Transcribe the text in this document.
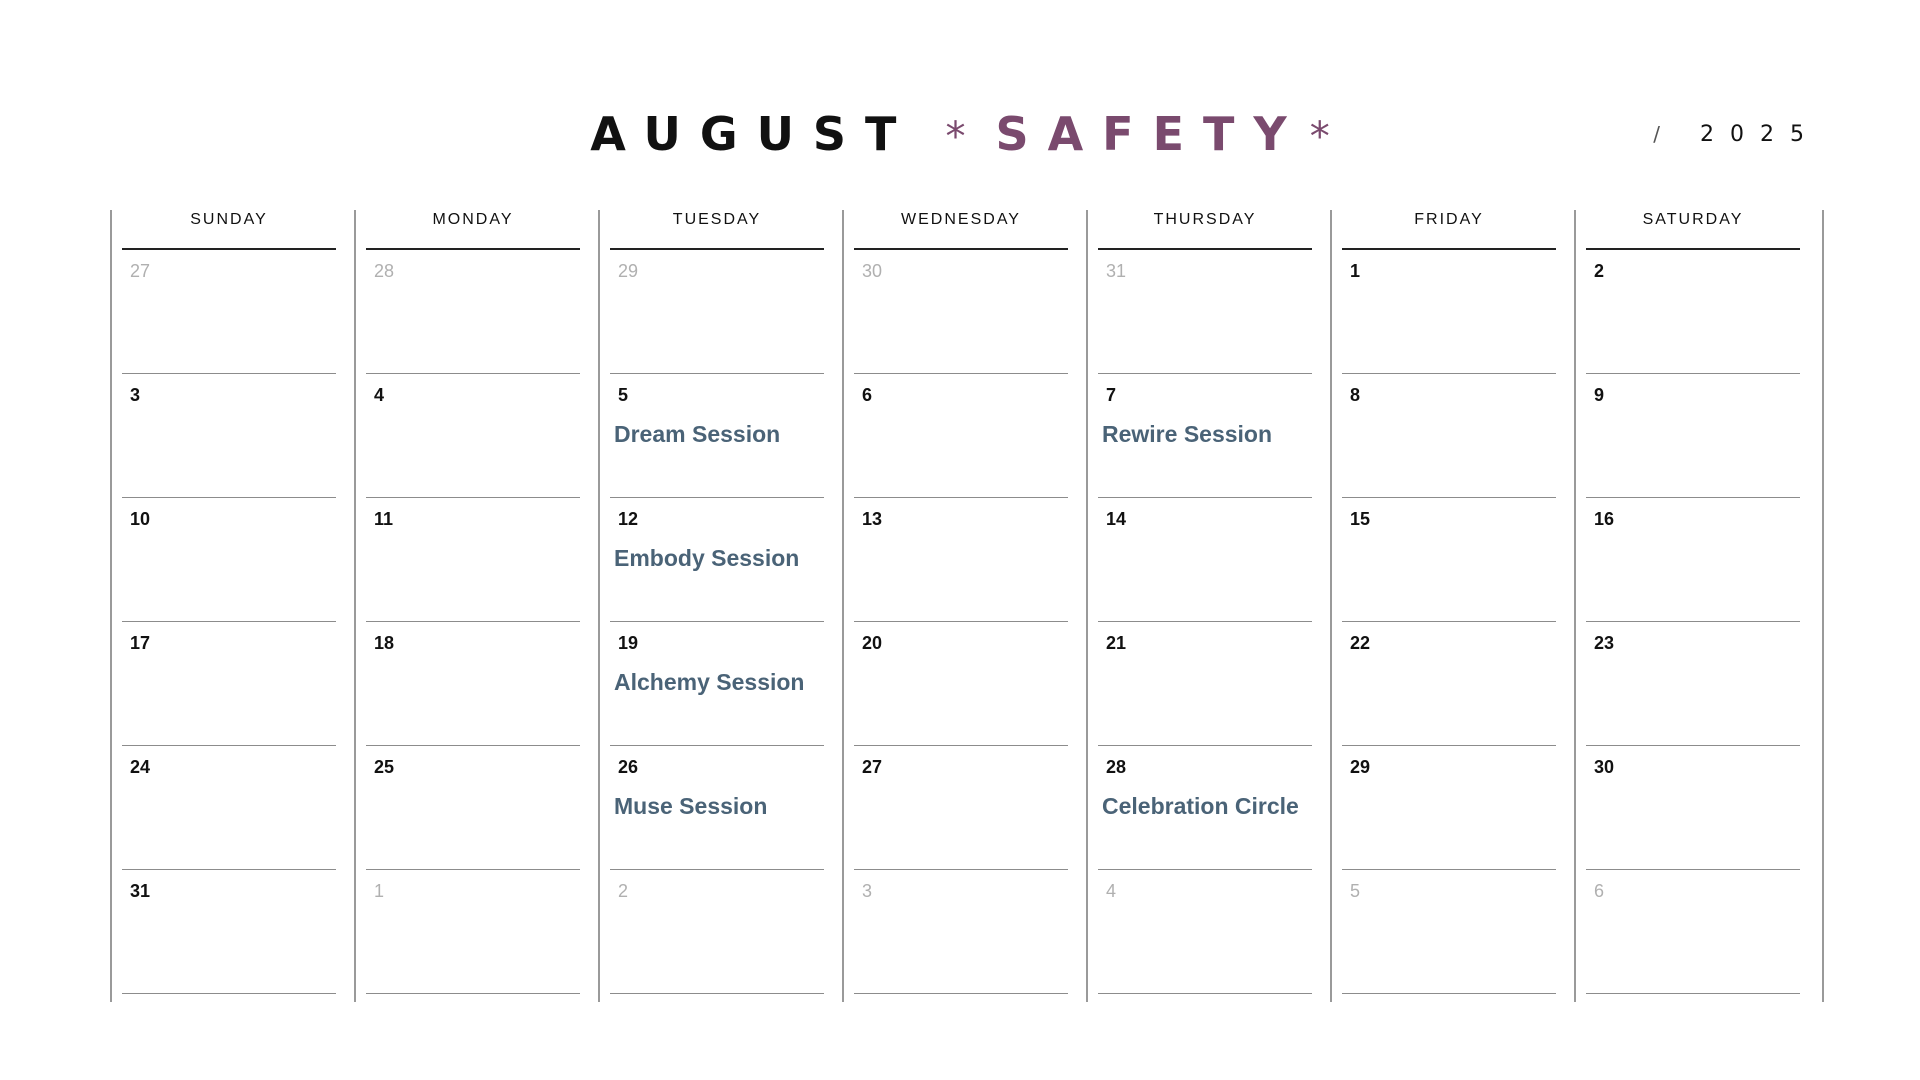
AUGUST * SAFETY *	/ 2025
SUNDAY
27
3
10
17
24
31
MONDAY
28
4
11
18
25
1
TUESDAY
29
5
Dream Session
12
Embody Session
19
Alchemy Session
26
Muse Session
2
WEDNESDAY
30
6
13
20
27
3
THURSDAY
31
7
Rewire Session
14
21
28
Celebration Circle
4
FRIDAY
1
8
15
22
29
5
SATURDAY
2
9
16
23
30
6
